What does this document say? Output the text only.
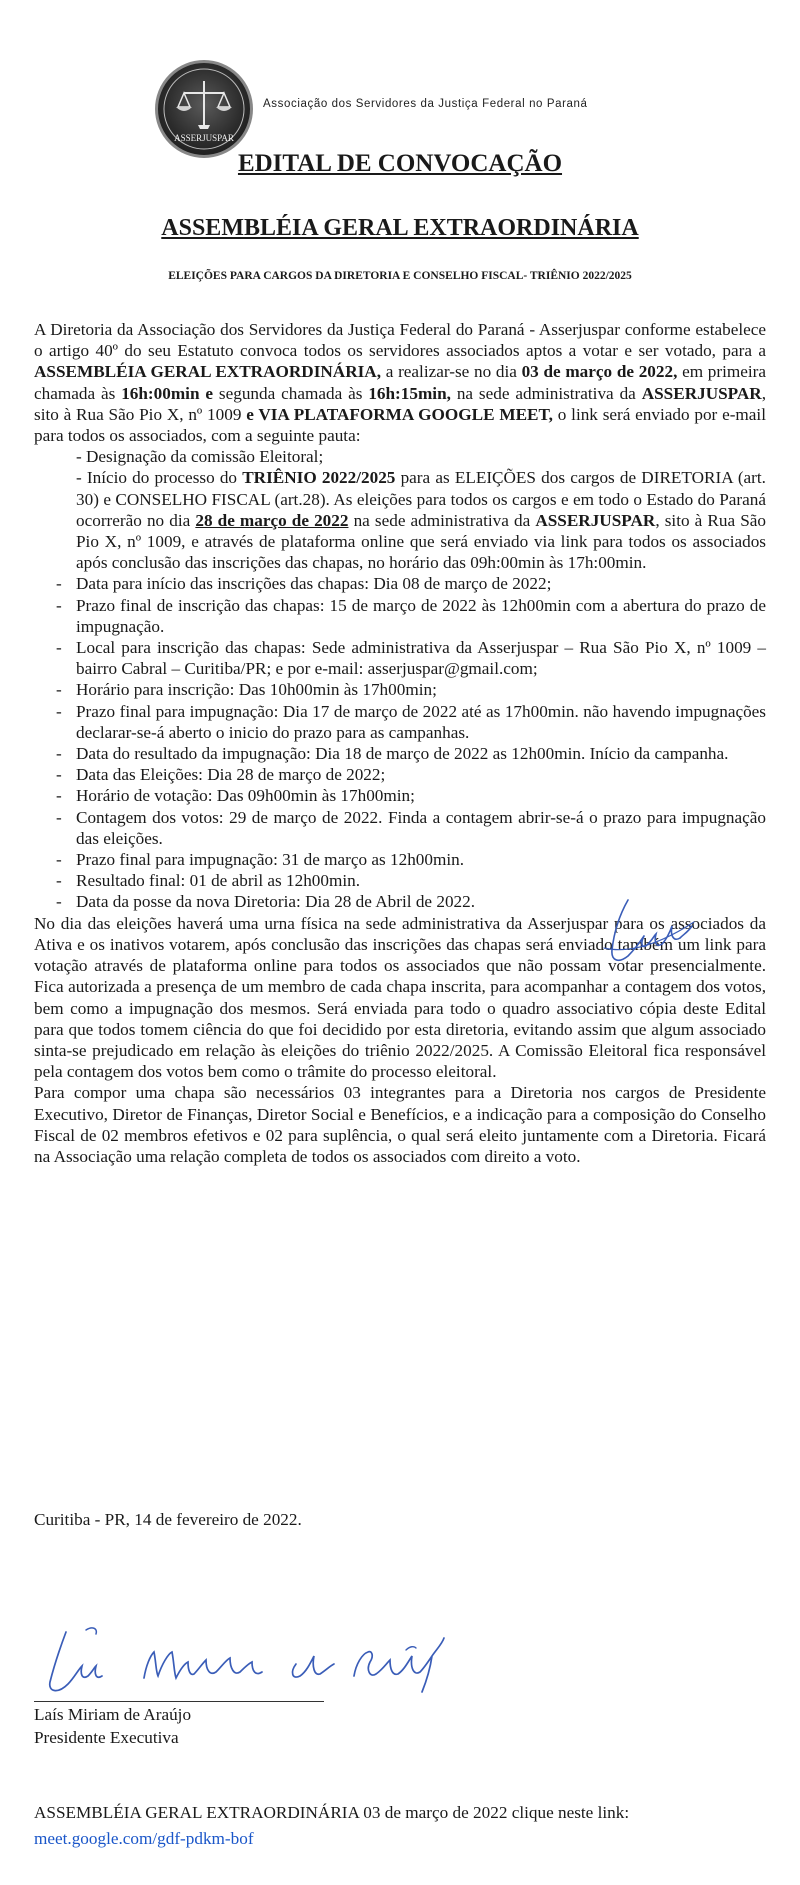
ASSERJUSPAR
Associação dos Servidores da Justiça Federal no Paraná
EDITAL DE CONVOCAÇÃO
ASSEMBLÉIA GERAL EXTRAORDINÁRIA
ELEIÇÕES PARA CARGOS DA DIRETORIA E CONSELHO FISCAL- TRIÊNIO 2022/2025

A Diretoria da Associação dos Servidores da Justiça Federal do Paraná - Asserjuspar conforme estabelece o artigo 40º do seu Estatuto convoca todos os servidores associados aptos a votar e ser votado, para a ASSEMBLÉIA GERAL EXTRAORDINÁRIA, a realizar-se no dia 03 de março de 2022, em primeira chamada às 16h:00min e segunda chamada às 16h:15min, na sede administrativa da ASSERJUSPAR, sito à Rua São Pio X, nº 1009 e VIA PLATAFORMA GOOGLE MEET, o link será enviado por e-mail para todos os associados, com a seguinte pauta:

- Designação da comissão Eleitoral;

- Início do processo do TRIÊNIO 2022/2025 para as ELEIÇÕES dos cargos de DIRETORIA (art. 30) e CONSELHO FISCAL (art.28). As eleições para todos os cargos e em todo o Estado do Paraná ocorrerão no dia 28 de março de 2022 na sede administrativa da ASSERJUSPAR, sito à Rua São Pio X, nº 1009, e através de plataforma online que será enviado via link para todos os associados após conclusão das inscrições das chapas, no horário das 09h:00min às 17h:00min.

- Data para início das inscrições das chapas: Dia 08 de março de 2022;
- Prazo final de inscrição das chapas: 15 de março de 2022 às 12h00min com a abertura do prazo de impugnação.
- Local para inscrição das chapas: Sede administrativa da Asserjuspar – Rua São Pio X, nº 1009 – bairro Cabral – Curitiba/PR; e por e-mail: asserjuspar@gmail.com;
- Horário para inscrição: Das 10h00min às 17h00min;
- Prazo final para impugnação: Dia 17 de março de 2022 até as 17h00min. não havendo impugnações declarar-se-á aberto o inicio do prazo para as campanhas.
- Data do resultado da impugnação: Dia 18 de março de 2022 as 12h00min. Início da campanha.
- Data das Eleições: Dia 28 de março de 2022;
- Horário de votação: Das 09h00min às 17h00min;
- Contagem dos votos: 29 de março de 2022. Finda a contagem abrir-se-á o prazo para impugnação das eleições.
- Prazo final para impugnação: 31 de março as 12h00min.
- Resultado final: 01 de abril as 12h00min.
- Data da posse da nova Diretoria: Dia 28 de Abril de 2022.

No dia das eleições haverá uma urna física na sede administrativa da Asserjuspar para os associados da Ativa e os inativos votarem, após conclusão das inscrições das chapas será enviado também um link para votação através de plataforma online para todos os associados que não possam votar presencialmente. Fica autorizada a presença de um membro de cada chapa inscrita, para acompanhar a contagem dos votos, bem como a impugnação dos mesmos. Será enviada para todo o quadro associativo cópia deste Edital para que todos tomem ciência do que foi decidido por esta diretoria, evitando assim que algum associado sinta-se prejudicado em relação às eleições do triênio 2022/2025. A Comissão Eleitoral fica responsável pela contagem dos votos bem como o trâmite do processo eleitoral.

Para compor uma chapa são necessários 03 integrantes para a Diretoria nos cargos de Presidente Executivo, Diretor de Finanças, Diretor Social e Benefícios, e a indicação para a composição do Conselho Fiscal de 02 membros efetivos e 02 para suplência, o qual será eleito juntamente com a Diretoria. Ficará na Associação uma relação completa de todos os associados com direito a voto.

Curitiba - PR, 14 de fevereiro de 2022.
Laís Miriam de Araújo
Presidente Executiva
ASSEMBLÉIA GERAL EXTRAORDINÁRIA 03 de março de 2022 clique neste link:
meet.google.com/gdf-pdkm-bof
